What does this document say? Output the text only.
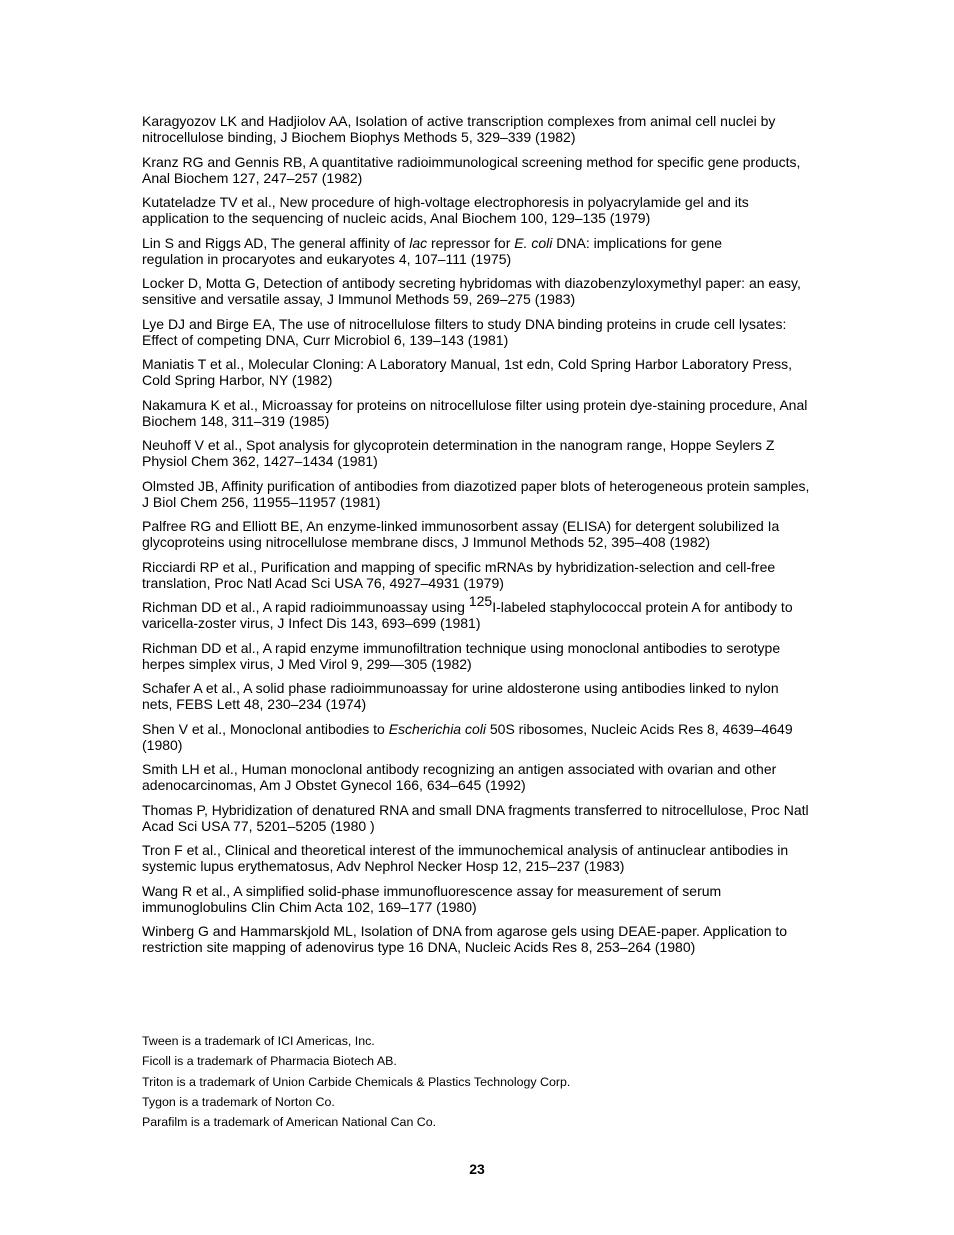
Karagyozov LK and Hadjiolov AA, Isolation of active transcription complexes from animal cell nuclei by
nitrocellulose binding, J Biochem Biophys Methods 5, 329–339 (1982)
Kranz RG and Gennis RB, A quantitative radioimmunological screening method for specific gene products,
Anal Biochem 127, 247–257 (1982)
Kutateladze TV et al., New procedure of high-voltage electrophoresis in polyacrylamide gel and its
application to the sequencing of nucleic acids, Anal Biochem 100, 129–135 (1979)
Lin S and Riggs AD, The general affinity of lac repressor for E. coli DNA: implications for gene
regulation in procaryotes and eukaryotes 4, 107–111 (1975)
Locker D, Motta G, Detection of antibody secreting hybridomas with diazobenzyloxymethyl paper: an easy,
sensitive and versatile assay, J Immunol Methods 59, 269–275 (1983)
Lye DJ and Birge EA, The use of nitrocellulose filters to study DNA binding proteins in crude cell lysates:
Effect of competing DNA, Curr Microbiol 6, 139–143 (1981)
Maniatis T et al., Molecular Cloning: A Laboratory Manual, 1st edn, Cold Spring Harbor Laboratory Press,
Cold Spring Harbor, NY (1982)
Nakamura K et al., Microassay for proteins on nitrocellulose filter using protein dye-staining procedure, Anal
Biochem 148, 311–319 (1985)
Neuhoff V et al., Spot analysis for glycoprotein determination in the nanogram range, Hoppe Seylers Z
Physiol Chem 362, 1427–1434 (1981)
Olmsted JB, Affinity purification of antibodies from diazotized paper blots of heterogeneous protein samples,
J Biol Chem 256, 11955–11957 (1981)
Palfree RG and Elliott BE, An enzyme-linked immunosorbent assay (ELISA) for detergent solubilized Ia
glycoproteins using nitrocellulose membrane discs, J Immunol Methods 52, 395–408 (1982)
Ricciardi RP et al., Purification and mapping of specific mRNAs by hybridization-selection and cell-free
translation, Proc Natl Acad Sci USA 76, 4927–4931 (1979)
Richman DD et al., A rapid radioimmunoassay using 125I-labeled staphylococcal protein A for antibody to
varicella-zoster virus, J Infect Dis 143, 693–699 (1981)
Richman DD et al., A rapid enzyme immunofiltration technique using monoclonal antibodies to serotype
herpes simplex virus, J Med Virol 9, 299—305 (1982)
Schafer A et al., A solid phase radioimmunoassay for urine aldosterone using antibodies linked to nylon
nets, FEBS Lett 48, 230–234 (1974)
Shen V et al., Monoclonal antibodies to Escherichia coli 50S ribosomes, Nucleic Acids Res 8, 4639–4649
(1980)
Smith LH et al., Human monoclonal antibody recognizing an antigen associated with ovarian and other
adenocarcinomas, Am J Obstet Gynecol 166, 634–645 (1992)
Thomas P, Hybridization of denatured RNA and small DNA fragments transferred to nitrocellulose, Proc Natl
Acad Sci USA 77, 5201–5205 (1980 )
Tron F et al., Clinical and theoretical interest of the immunochemical analysis of antinuclear antibodies in
systemic lupus erythematosus, Adv Nephrol Necker Hosp 12, 215–237 (1983)
Wang R et al., A simplified solid-phase immunofluorescence assay for measurement of serum
immunoglobulins Clin Chim Acta 102, 169–177 (1980)
Winberg G and Hammarskjold ML, Isolation of DNA from agarose gels using DEAE-paper. Application to
restriction site mapping of adenovirus type 16 DNA, Nucleic Acids Res 8, 253–264 (1980)
Tween is a trademark of ICI Americas, Inc.
Ficoll is a trademark of Pharmacia Biotech AB.
Triton is a trademark of Union Carbide Chemicals & Plastics Technology Corp.
Tygon is a trademark of Norton Co.
Parafilm is a trademark of American National Can Co.
23
